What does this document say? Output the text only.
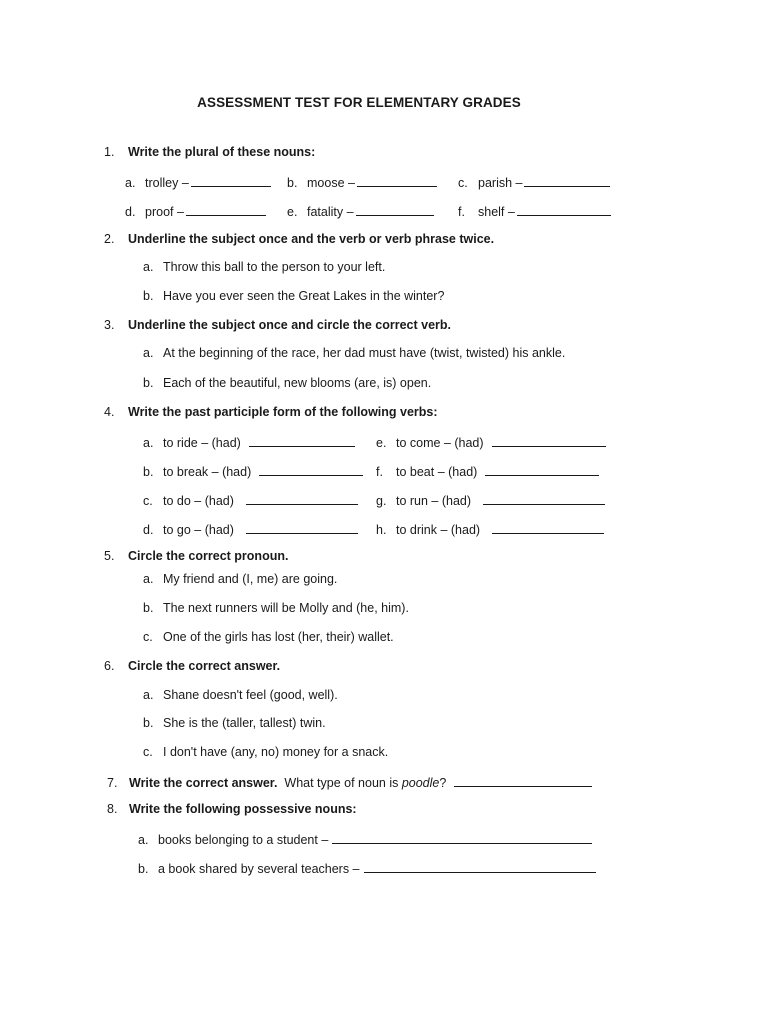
ASSESSMENT TEST FOR ELEMENTARY GRADES
1. Write the plural of these nouns:
a. trolley –	b. moose –	c. parish –
d. proof –	e. fatality –	f. shelf –
2. Underline the subject once and the verb or verb phrase twice.
a. Throw this ball to the person to your left.
b. Have you ever seen the Great Lakes in the winter?
3. Underline the subject once and circle the correct verb.
a. At the beginning of the race, her dad must have (twist, twisted) his ankle.
b. Each of the beautiful, new blooms (are, is) open.
4. Write the past participle form of the following verbs:
a. to ride – (had)	e. to come – (had)
b. to break – (had)	f. to beat – (had)
c. to do – (had)	g. to run – (had)
d. to go – (had)	h. to drink – (had)
5. Circle the correct pronoun.
a. My friend and (I, me) are going.
b. The next runners will be Molly and (he, him).
c. One of the girls has lost (her, their) wallet.
6. Circle the correct answer.
a. Shane doesn't feel (good, well).
b. She is the (taller, tallest) twin.
c. I don't have (any, no) money for a snack.
7. Write the correct answer. What type of noun is poodle?
8. Write the following possessive nouns:
a. books belonging to a student –
b. a book shared by several teachers –
